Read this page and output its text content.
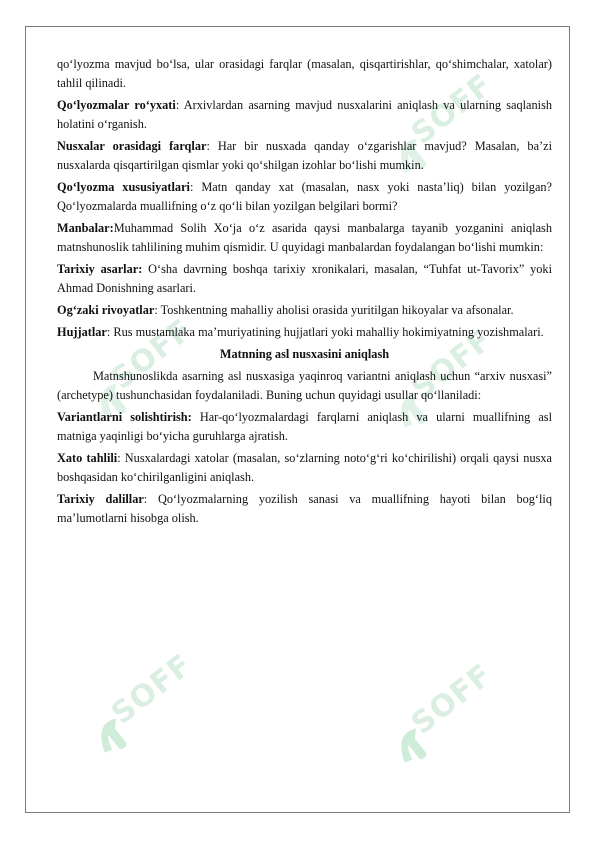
SOFF
SOFF	SOFF
SOFF	SOFF

qo‘lyozma mavjud bo‘lsa, ular orasidagi farqlar (masalan, qisqartirishlar, qo‘shimchalar, xatolar) tahlil qilinadi.

Qo‘lyozmalar ro‘yxati: Arxivlardan asarning mavjud nusxalarini aniqlash va ularning saqlanish holatini o‘rganish.

Nusxalar orasidagi farqlar: Har bir nusxada qanday o‘zgarishlar mavjud? Masalan, ba’zi nusxalarda qisqartirilgan qismlar yoki qo‘shilgan izohlar bo‘lishi mumkin.

Qo‘lyozma xususiyatlari: Matn qanday xat (masalan, nasx yoki nasta’liq) bilan yozilgan? Qo‘lyozmalarda muallifning o‘z qo‘li bilan yozilgan belgilari bormi?

Manbalar:Muhammad Solih Xo‘ja o‘z asarida qaysi manbalarga tayanib yozganini aniqlash matnshunoslik tahlilining muhim qismidir. U quyidagi manbalardan foydalangan bo‘lishi mumkin:

Tarixiy asarlar: O‘sha davrning boshqa tarixiy xronikalari, masalan, “Tuhfat ut-Tavorix” yoki Ahmad Donishning asarlari.

Og‘zaki rivoyatlar: Toshkentning mahalliy aholisi orasida yuritilgan hikoyalar va afsonalar.

Hujjatlar: Rus mustamlaka ma’muriyatining hujjatlari yoki mahalliy hokimiyatning yozishmalari.

Matnning asl nusxasini aniqlash

Matnshunoslikda asarning asl nusxasiga yaqinroq variantni aniqlash uchun “arxiv nusxasi” (archetype) tushunchasidan foydalaniladi. Buning uchun quyidagi usullar qo‘llaniladi:

Variantlarni solishtirish: Har-qo‘lyozmalardagi farqlarni aniqlash va ularni muallifning asl matniga yaqinligi bo‘yicha guruhlarga ajratish.

Xato tahlili: Nusxalardagi xatolar (masalan, so‘zlarning noto‘g‘ri ko‘chirilishi) orqali qaysi nusxa boshqasidan ko‘chirilganligini aniqlash.

Tarixiy dalillar: Qo‘lyozmalarning yozilish sanasi va muallifning hayoti bilan bog‘liq ma’lumotlarni hisobga olish.
